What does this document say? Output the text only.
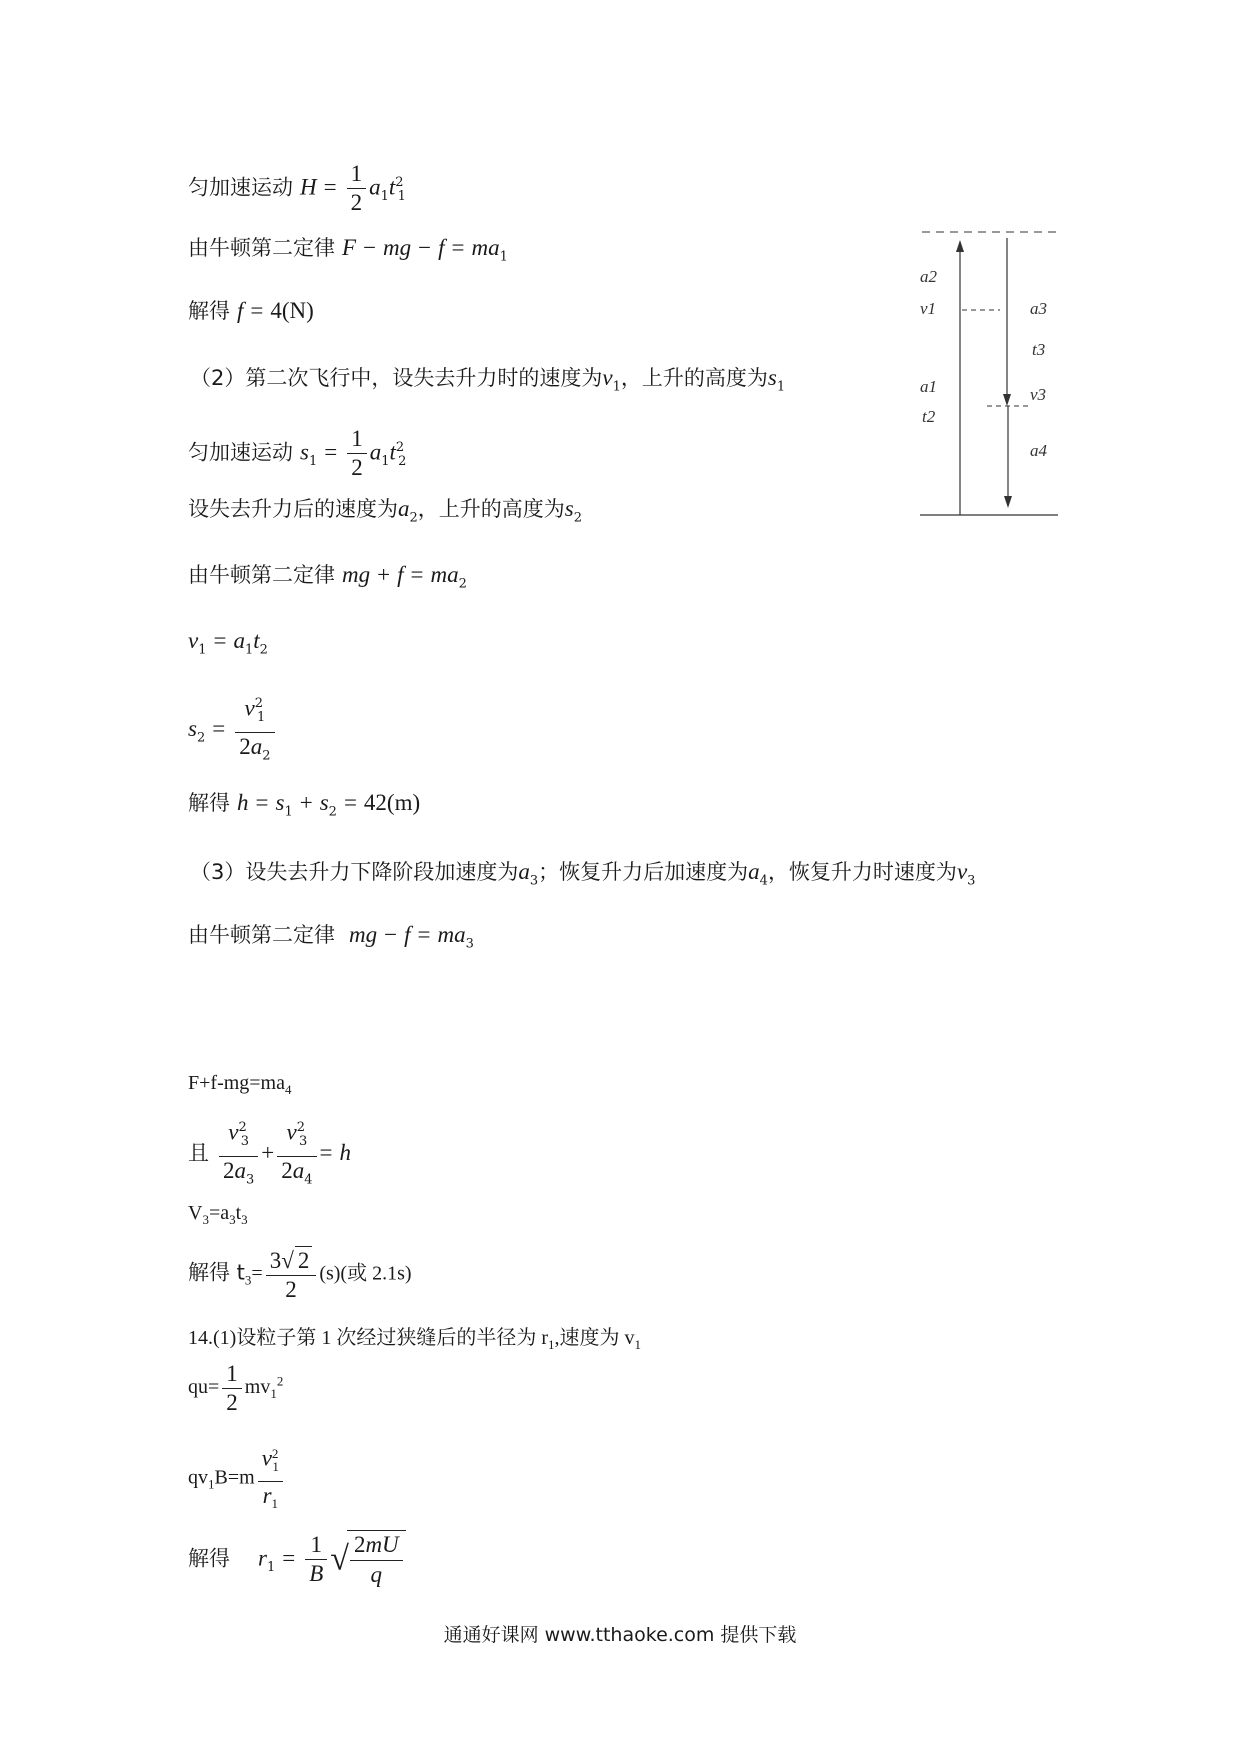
匀加速运动 $H = \frac{1}{2} a_1t^2_1$
由牛顿第二定律 F − mg − $f = ma_1$
解得 f = 4(N)
（2）第二次飞行中，设失去升力时的速度为$v_1$，上升的高度为$s_1$
匀加速运动 $s_1 = \frac{1}{2} a_1t^2_2$
设失去升力后的速度为$a_2$，上升的高度为$s_2$
由牛顿第二定律 mg + $f = ma_2$
$v_1 = a_1t_2$
$s_2 = \frac{v^2_1}{2a_2}$
解得 $h = s_1 + s_2 = 42(m)$
（3）设失去升力下降阶段加速度为$a_3$；恢复升力后加速度为$a_4$，恢复升力时速度为$v_3$
由牛顿第二定律 mg − $f = ma_3$
$F+f-mg=ma_4$
且 $\frac{v^2_3}{2a_3} + \frac{v^2_3}{2a_4} = h$
$V_3=a_3t_3$
解得 $t_3= \frac{3√ 2}{2} (s)$(或 2.1s)
14.(1)设粒子第 1 次经过狭缝后的半径为 $r_1$,速度为 $v_1$
$qu= \frac{1}{2} mv_1^2$
$qv_1B=m \frac{v^2_1}{r_1}$
解得 $r_1 = \frac{1}{B}$ √
$\frac{2mU}{q}$
a2
v1
a1
t2
a3
t3
v3
a4
通通好课网 www.tthaoke.com 提供下载
